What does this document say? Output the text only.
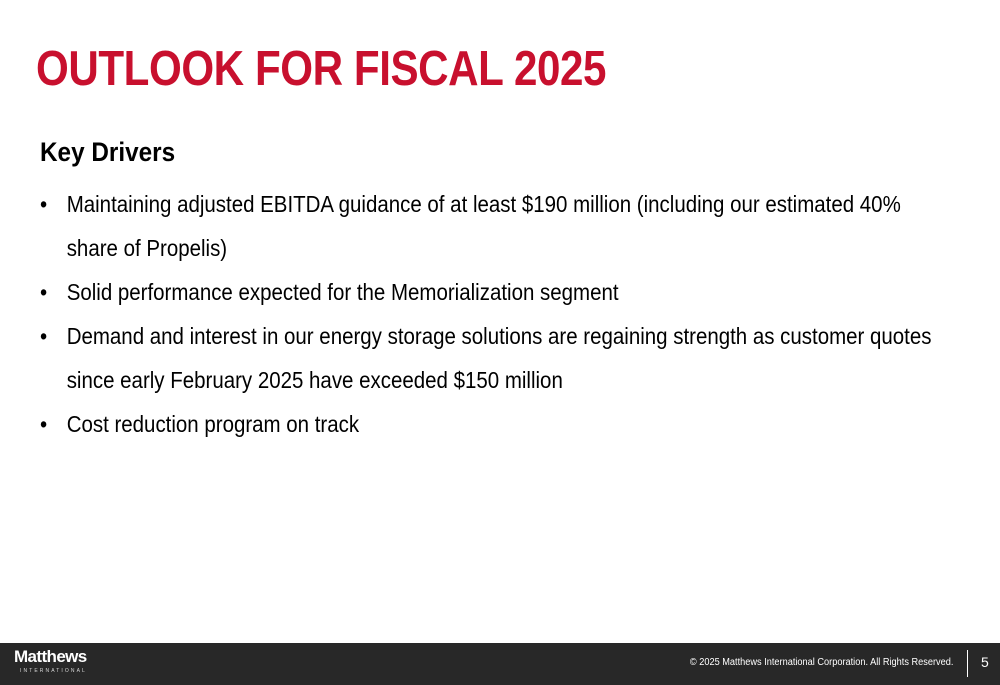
OUTLOOK FOR FISCAL 2025
Key Drivers
• Maintaining adjusted EBITDA guidance of at least $190 million (including our estimated 40% share of Propelis)
• Solid performance expected for the Memorialization segment
• Demand and interest in our energy storage solutions are regaining strength as customer quotes since early February 2025 have exceeded $150 million
• Cost reduction program on track
Matthews
INTERNATIONAL
© 2025 Matthews International Corporation. All Rights Reserved. 5
